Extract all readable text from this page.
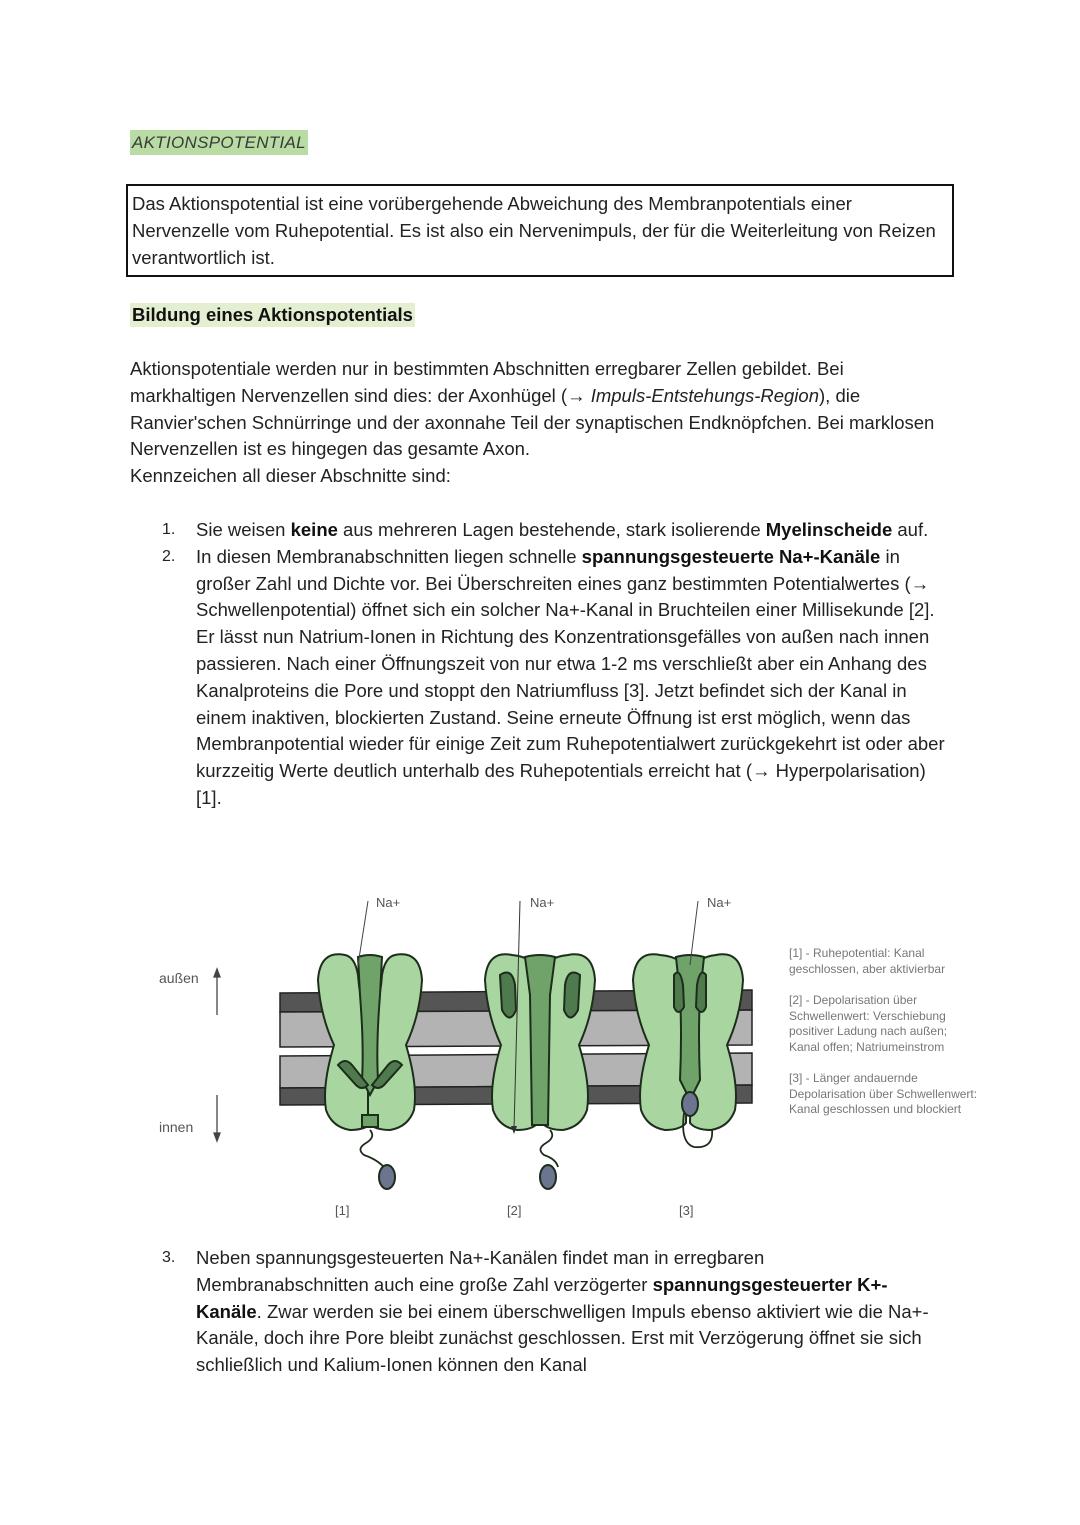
AKTIONSPOTENTIAL

Das Aktionspotential ist eine vorübergehende Abweichung des Membranpotentials einer Nervenzelle vom Ruhepotential. Es ist also ein Nervenimpuls, der für die Weiterleitung von Reizen verantwortlich ist.

Bildung eines Aktionspotentials

Aktionspotentiale werden nur in bestimmten Abschnitten erregbarer Zellen gebildet. Bei markhaltigen Nervenzellen sind dies: der Axonhügel (→ Impuls-Entstehungs-Region), die Ranvier'schen Schnürringe und der axonnahe Teil der synaptischen Endknöpfchen. Bei marklosen Nervenzellen ist es hingegen das gesamte Axon.

Kennzeichen all dieser Abschnitte sind:

1.	Sie weisen keine aus mehreren Lagen bestehende, stark isolierende Myelinscheide auf.
2.	In diesen Membranabschnitten liegen schnelle spannungsgesteuerte Na+-Kanäle in großer Zahl und Dichte vor. Bei Überschreiten eines ganz bestimmten Potentialwertes (→ Schwellenpotential) öffnet sich ein solcher Na+-Kanal in Bruchteilen einer Millisekunde [2]. Er lässt nun Natrium-Ionen in Richtung des Konzentrationsgefälles von außen nach innen passieren. Nach einer Öffnungszeit von nur etwa 1-2 ms verschließt aber ein Anhang des Kanalproteins die Pore und stoppt den Natriumfluss [3]. Jetzt befindet sich der Kanal in einem inaktiven, blockierten Zustand. Seine erneute Öffnung ist erst möglich, wenn das Membranpotential wieder für einige Zeit zum Ruhepotentialwert zurückgekehrt ist oder aber kurzzeitig Werte deutlich unterhalb des Ruhepotentials erreicht hat (→ Hyperpolarisation) [1].
außen
innen
Na+	Na+	Na+
[1]	[2]	[3]
[1] - Ruhepotential: Kanal geschlossen, aber aktivierbar
[2] - Depolarisation über Schwellenwert: Verschiebung positiver Ladung nach außen; Kanal offen; Natriumeinstrom
[3] - Länger andauernde Depolarisation über Schwellenwert: Kanal geschlossen und blockiert
3.	Neben spannungsgesteuerten Na+-Kanälen findet man in erregbaren Membranabschnitten auch eine große Zahl verzögerter spannungsgesteuerter K+-Kanäle. Zwar werden sie bei einem überschwelligen Impuls ebenso aktiviert wie die Na+-Kanäle, doch ihre Pore bleibt zunächst geschlossen. Erst mit Verzögerung öffnet sie sich schließlich und Kalium-Ionen können den Kanal
